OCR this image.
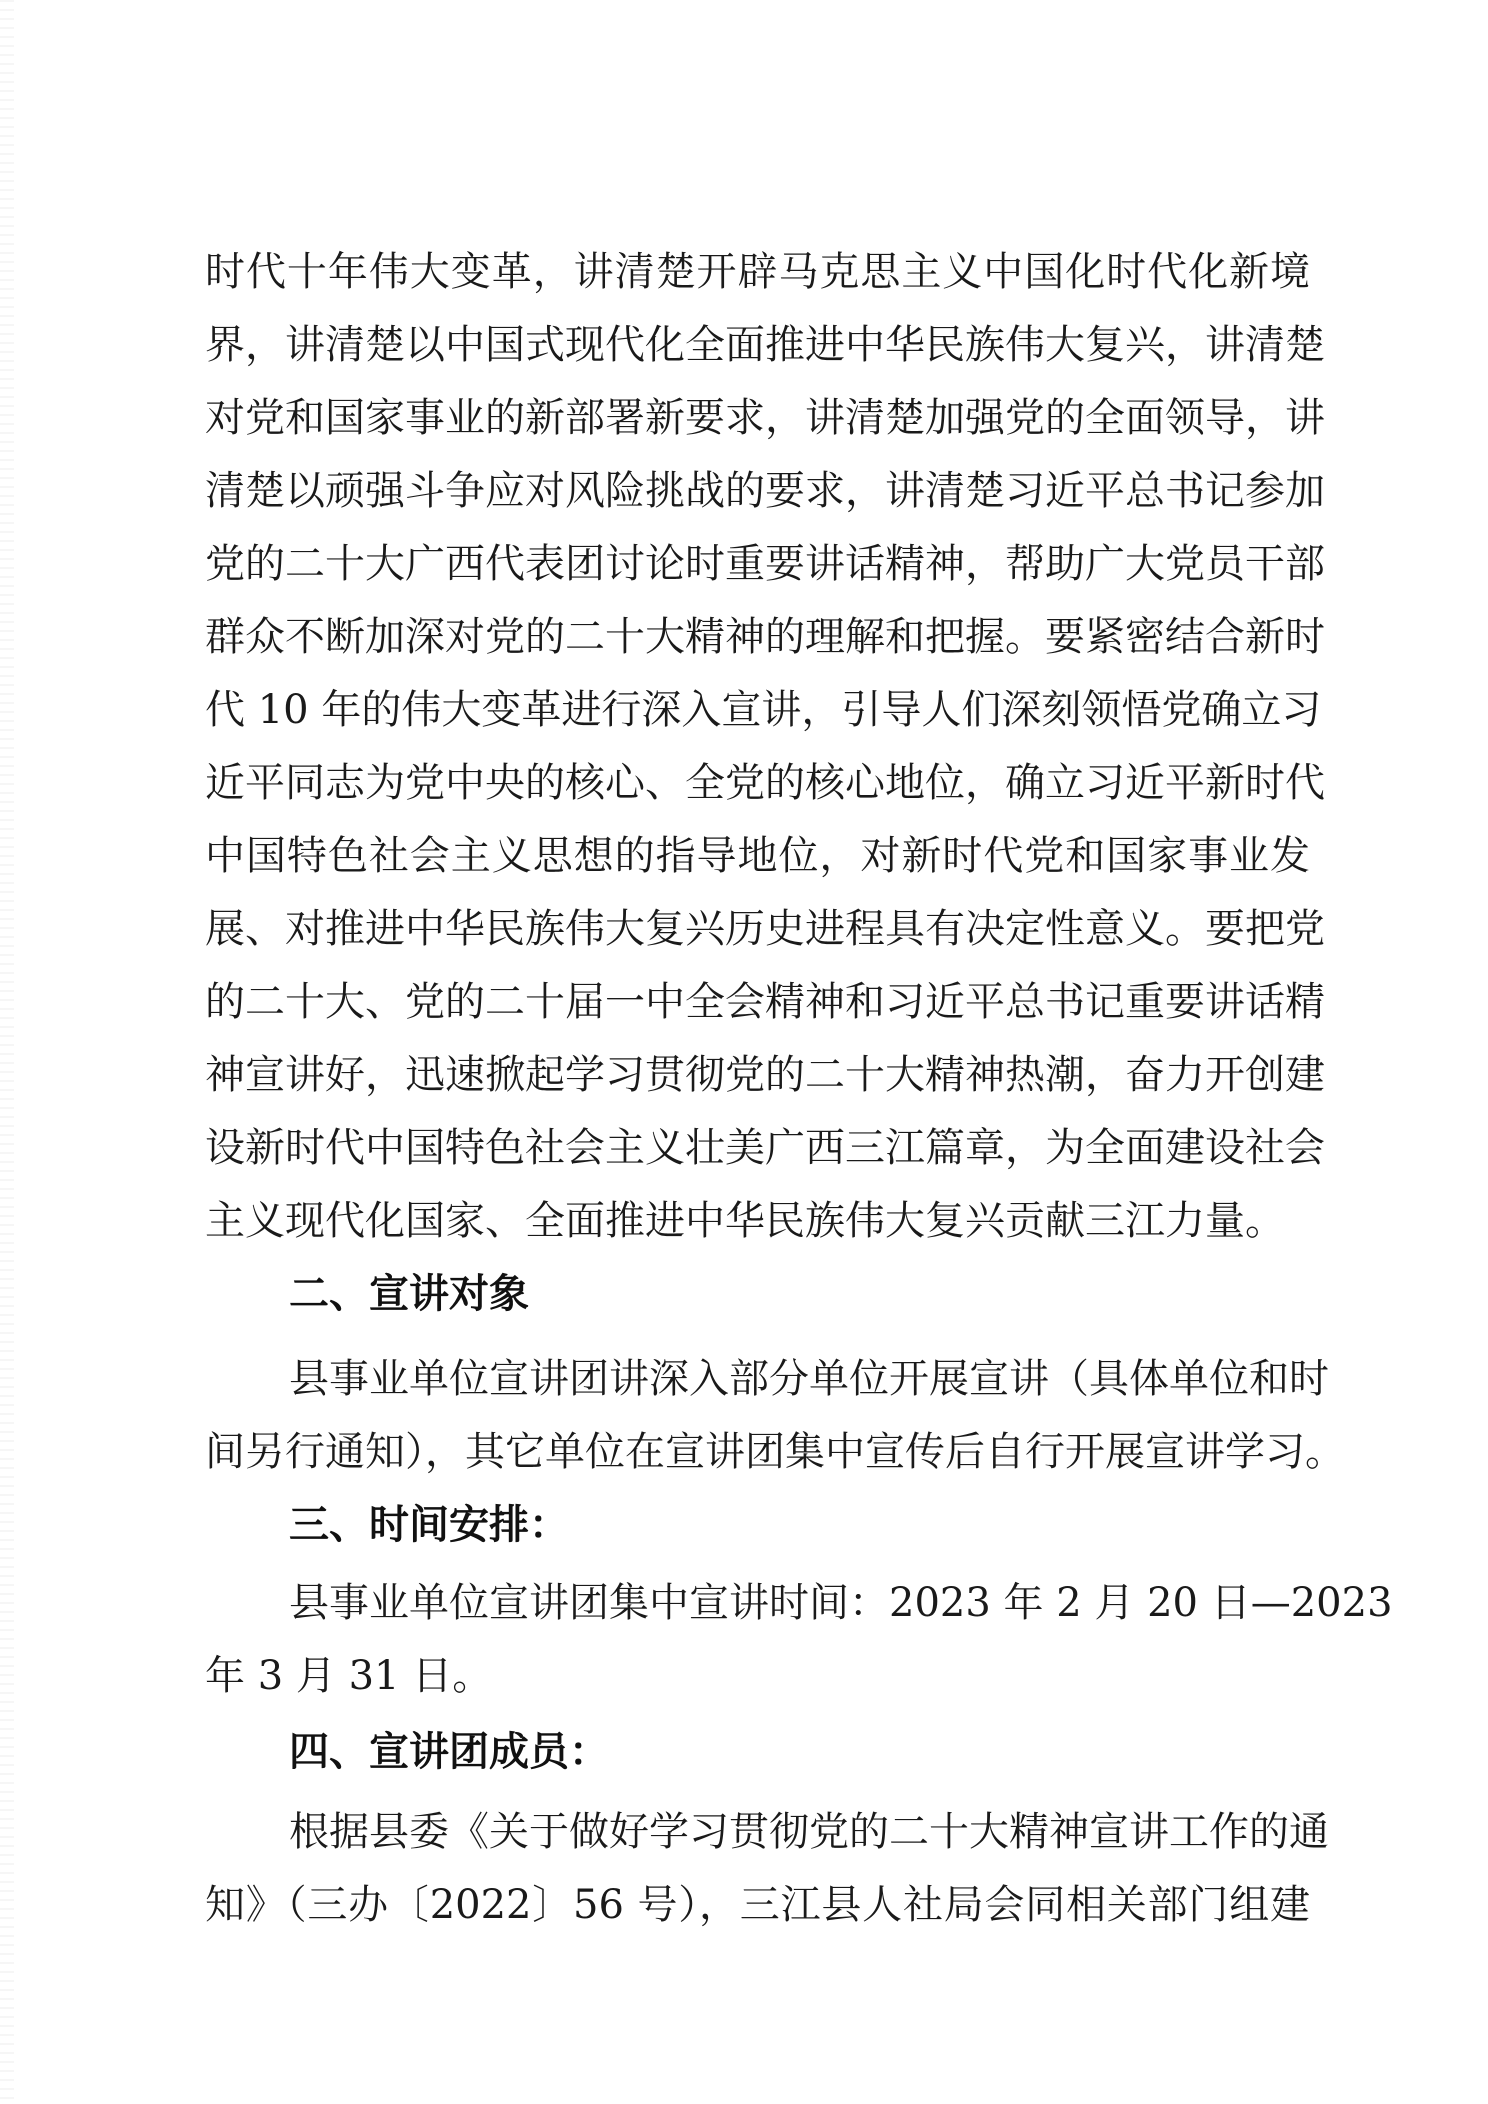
时代十年伟大变革，讲清楚开辟马克思主义中国化时代化新境
界，讲清楚以中国式现代化全面推进中华民族伟大复兴，讲清楚
对党和国家事业的新部署新要求，讲清楚加强党的全面领导，讲
清楚以顽强斗争应对风险挑战的要求，讲清楚习近平总书记参加
党的二十大广西代表团讨论时重要讲话精神，帮助广大党员干部
群众不断加深对党的二十大精神的理解和把握。要紧密结合新时
代 10 年的伟大变革进行深入宣讲，引导人们深刻领悟党确立习
近平同志为党中央的核心、全党的核心地位，确立习近平新时代
中国特色社会主义思想的指导地位，对新时代党和国家事业发
展、对推进中华民族伟大复兴历史进程具有决定性意义。要把党
的二十大、党的二十届一中全会精神和习近平总书记重要讲话精
神宣讲好，迅速掀起学习贯彻党的二十大精神热潮，奋力开创建
设新时代中国特色社会主义壮美广西三江篇章，为全面建设社会
主义现代化国家、全面推进中华民族伟大复兴贡献三江力量。
二、宣讲对象
县事业单位宣讲团讲深入部分单位开展宣讲（具体单位和时
间另行通知），其它单位在宣讲团集中宣传后自行开展宣讲学习。
三、时间安排：
县事业单位宣讲团集中宣讲时间：2023 年 2 月 20 日—2023
年 3 月 31 日。
四、宣讲团成员：
根据县委《关于做好学习贯彻党的二十大精神宣讲工作的通
知》（三办〔2022〕56 号），三江县人社局会同相关部门组建
